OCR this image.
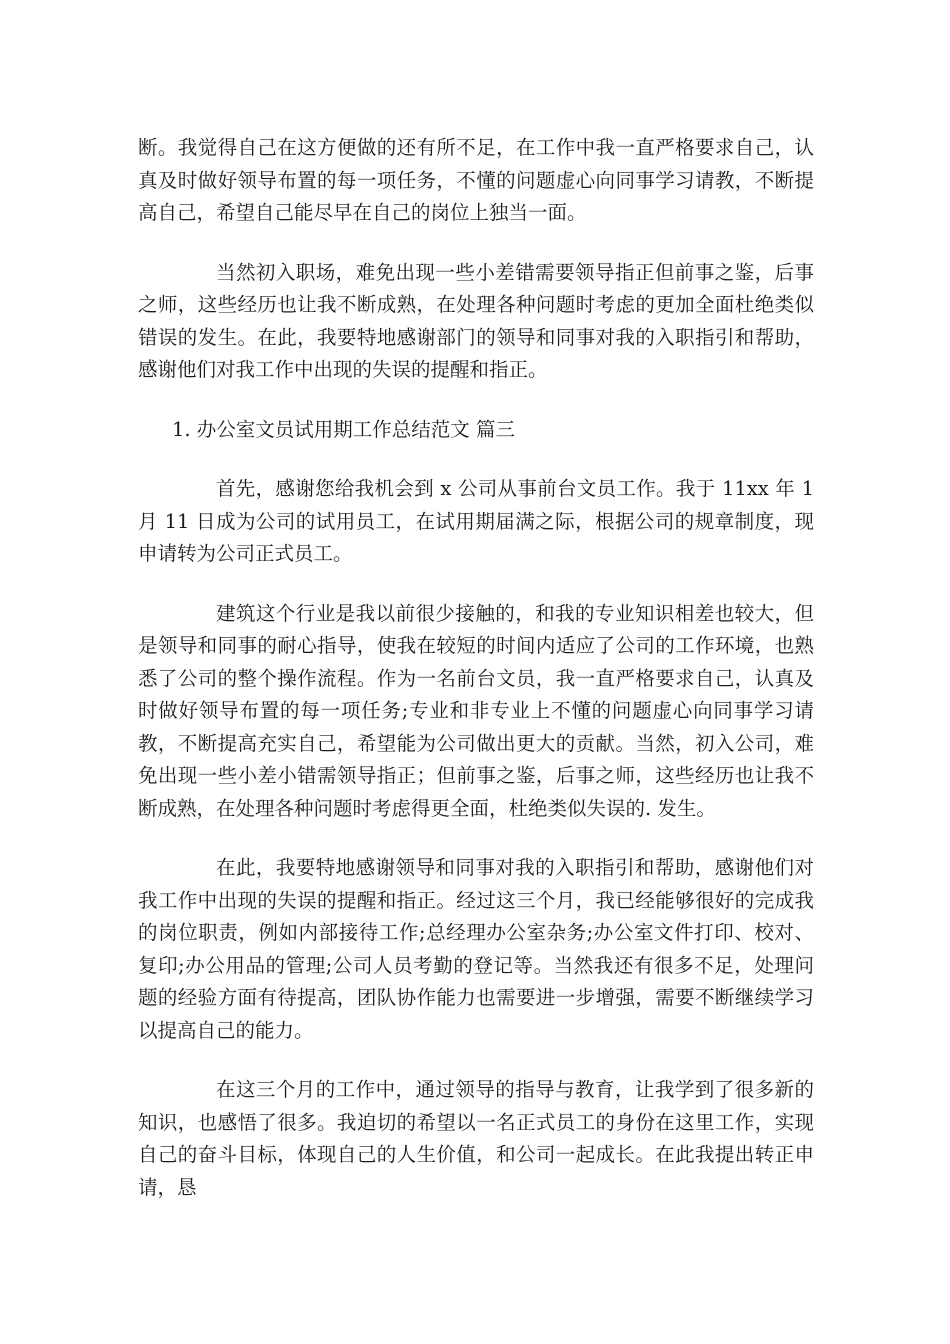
断。我觉得自己在这方便做的还有所不足，在工作中我一直严格要求自己，认真及时做好领导布置的每一项任务，不懂的问题虚心向同事学习请教，不断提高自己，希望自己能尽早在自己的岗位上独当一面。

当然初入职场，难免出现一些小差错需要领导指正但前事之鉴，后事之师，这些经历也让我不断成熟，在处理各种问题时考虑的更加全面杜绝类似错误的发生。在此，我要特地感谢部门的领导和同事对我的入职指引和帮助，感谢他们对我工作中出现的失误的提醒和指正。

1. 办公室文员试用期工作总结范文 篇三

首先，感谢您给我机会到 x 公司从事前台文员工作。我于 11xx 年 1 月 11 日成为公司的试用员工，在试用期届满之际，根据公司的规章制度，现申请转为公司正式员工。

建筑这个行业是我以前很少接触的，和我的专业知识相差也较大，但是领导和同事的耐心指导，使我在较短的时间内适应了公司的工作环境，也熟悉了公司的整个操作流程。作为一名前台文员，我一直严格要求自己，认真及时做好领导布置的每一项任务;专业和非专业上不懂的问题虚心向同事学习请教，不断提高充实自己，希望能为公司做出更大的贡献。当然，初入公司，难免出现一些小差小错需领导指正；但前事之鉴，后事之师，这些经历也让我不断成熟，在处理各种问题时考虑得更全面，杜绝类似失误的. 发生。

在此，我要特地感谢领导和同事对我的入职指引和帮助，感谢他们对我工作中出现的失误的提醒和指正。经过这三个月，我已经能够很好的完成我的岗位职责，例如内部接待工作;总经理办公室杂务;办公室文件打印、校对、复印;办公用品的管理;公司人员考勤的登记等。当然我还有很多不足，处理问题的经验方面有待提高，团队协作能力也需要进一步增强，需要不断继续学习以提高自己的能力。

在这三个月的工作中，通过领导的指导与教育，让我学到了很多新的知识，也感悟了很多。我迫切的希望以一名正式员工的身份在这里工作，实现自己的奋斗目标，体现自己的人生价值，和公司一起成长。在此我提出转正申请，恳
